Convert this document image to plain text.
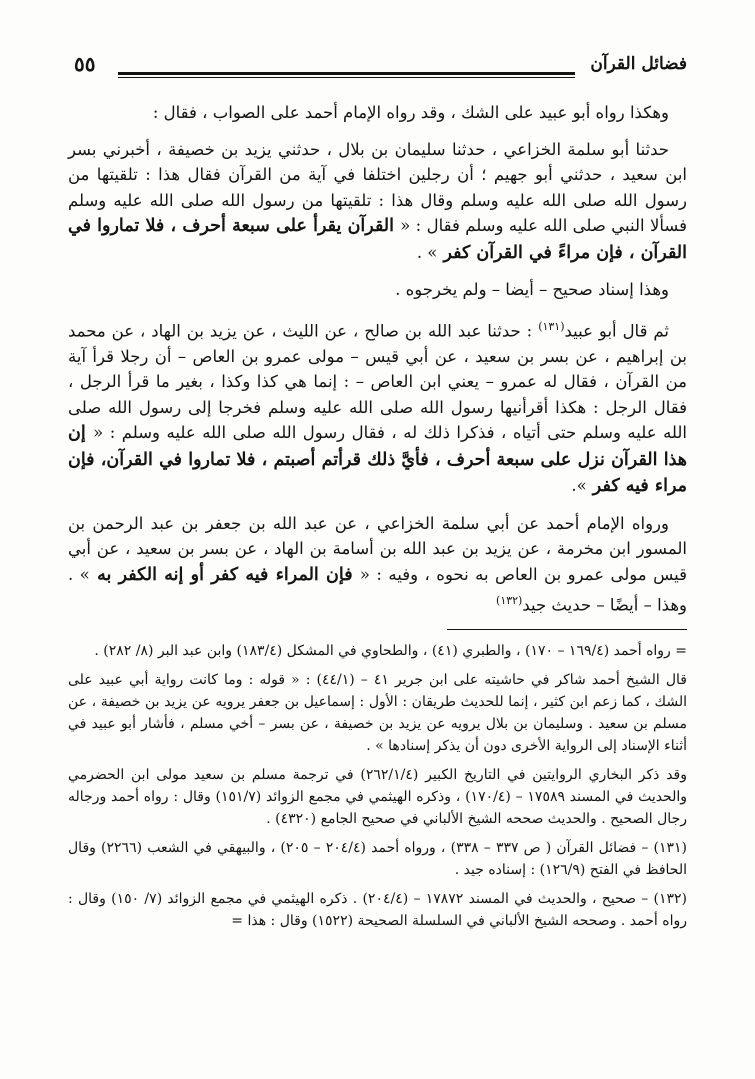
٥٥	فضائل القرآن

وهكذا رواه أبو عبيد على الشك ، وقد رواه الإمام أحمد على الصواب ، فقال :

حدثنا أبو سلمة الخزاعي ، حدثنا سليمان بن بلال ، حدثني يزيد بن خصيفة ، أخبرني بسر ابن سعيد ، حدثني أبو جهيم ؛ أن رجلين اختلفا في آية من القرآن فقال هذا : تلقيتها من رسول الله صلى الله عليه وسلم وقال هذا : تلقيتها من رسول الله صلى الله عليه وسلم فسألا النبي صلى الله عليه وسلم فقال : « القرآن يقرأ على سبعة أحرف ، فلا تماروا في القرآن ، فإن مراءً في القرآن كفر » .

وهذا إسناد صحيح – أيضا – ولم يخرجوه .

ثم قال أبو عبيد$^{(١٣١)}$ : حدثنا عبد الله بن صالح ، عن الليث ، عن يزيد بن الهاد ، عن محمد بن إبراهيم ، عن بسر بن سعيد ، عن أبي قيس – مولى عمرو بن العاص – أن رجلا قرأ آية من القرآن ، فقال له عمرو – يعني ابن العاص – : إنما هي كذا وكذا ، بغير ما قرأ الرجل ، فقال الرجل : هكذا أقرأنيها رسول الله صلى الله عليه وسلم فخرجا إلى رسول الله صلى الله عليه وسلم حتى أتياه ، فذكرا ذلك له ، فقال رسول الله صلى الله عليه وسلم : « إن هذا القرآن نزل على سبعة أحرف ، فأيَّ ذلك قرأتم أصبتم ، فلا تماروا في القرآن، فإن مراء فيه كفر ».

ورواه الإمام أحمد عن أبي سلمة الخزاعي ، عن عبد الله بن جعفر بن عبد الرحمن بن المسور ابن مخرمة ، عن يزيد بن عبد الله بن أسامة بن الهاد ، عن بسر بن سعيد ، عن أبي قيس مولى عمرو بن العاص به نحوه ، وفيه : « فإن المراء فيه كفر أو إنه الكفر به » . وهذا – أيضًا – حديث جيد$^{(١٣٢)}$

= رواه أحمد (١٦٩/٤ – ١٧٠) ، والطبري (٤١) ، والطحاوي في المشكل (١٨٣/٤) وابن عبد البر (٨/ ٢٨٢) .

قال الشيخ أحمد شاكر في حاشيته على ابن جرير ٤١ – (٤٤/١) : « قوله : وما كانت رواية أبي عبيد على الشك ، كما زعم ابن كثير ، إنما للحديث طريقان : الأول : إسماعيل بن جعفر يرويه عن يزيد بن خصيفة ، عن مسلم بن سعيد . وسليمان بن بلال يرويه عن يزيد بن خصيفة ، عن بسر – أخي مسلم ، فأشار أبو عبيد في أثناء الإسناد إلى الرواية الأخرى دون أن يذكر إسنادها » .

وقد ذكر البخاري الروايتين في التاريخ الكبير (٢٦٢/١/٤) في ترجمة مسلم بن سعيد مولى ابن الحضرمي والحديث في المسند ١٧٥٨٩ – (١٧٠/٤) ، وذكره الهيثمي في مجمع الزوائد (١٥١/٧) وقال : رواه أحمد ورجاله رجال الصحيح . والحديث صححه الشيخ الألباني في صحيح الجامع (٤٣٢٠) .

(١٣١) – فضائل القرآن ( ص ٣٣٧ – ٣٣٨) ، ورواه أحمد (٢٠٤/٤ – ٢٠٥) ، والبيهقي في الشعب (٢٢٦٦) وقال الحافظ في الفتح (١٢٦/٩) : إسناده جيد .

(١٣٢) – صحيح ، والحديث في المسند ١٧٨٧٢ – (٢٠٤/٤) . ذكره الهيثمي في مجمع الزوائد (٧/ ١٥٠) وقال : رواه أحمد . وصححه الشيخ الألباني في السلسلة الصحيحة (١٥٢٢) وقال : هذا =
